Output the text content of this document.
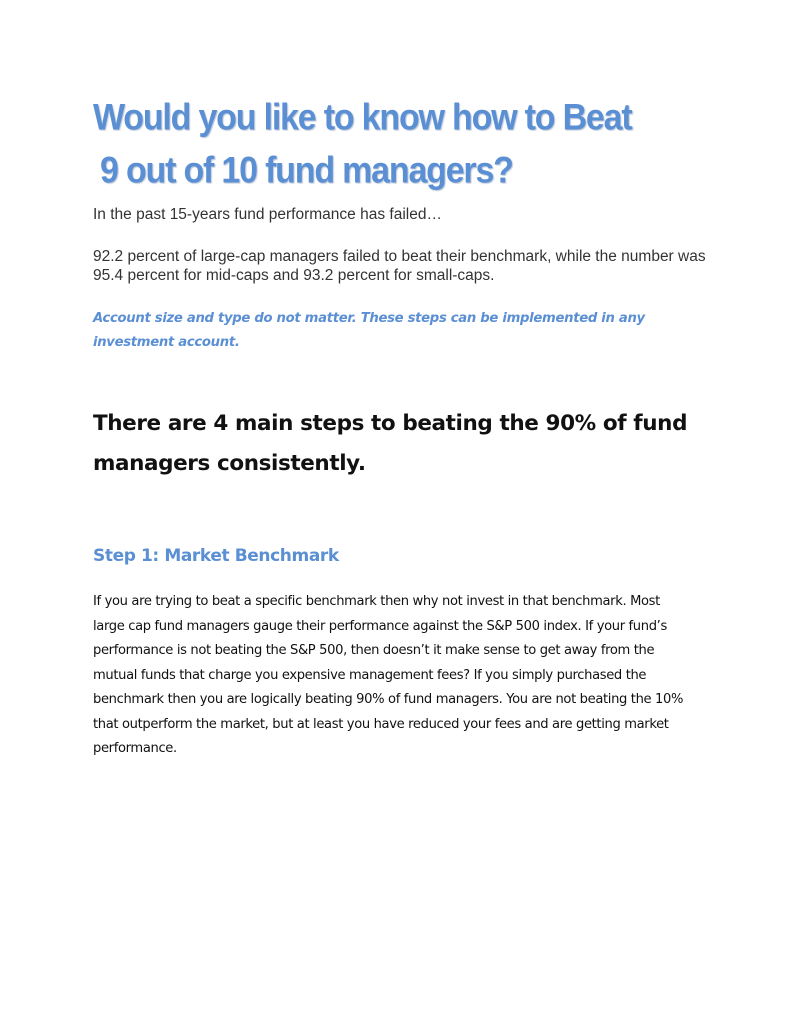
Would you like to know how to Beat
9 out of 10 fund managers?

In the past 15-years fund performance has failed…

92.2 percent of large-cap managers failed to beat their benchmark, while the number was 95.4 percent for mid-caps and 93.2 percent for small-caps.

Account size and type do not matter. These steps can be implemented in any investment account.

There are 4 main steps to beating the 90% of fund managers consistently.
Step 1: Market Benchmark

If you are trying to beat a specific benchmark then why not invest in that benchmark. Most large cap fund managers gauge their performance against the S&P 500 index. If your fund’s performance is not beating the S&P 500, then doesn’t it make sense to get away from the mutual funds that charge you expensive management fees? If you simply purchased the benchmark then you are logically beating 90% of fund managers. You are not beating the 10% that outperform the market, but at least you have reduced your fees and are getting market performance.
